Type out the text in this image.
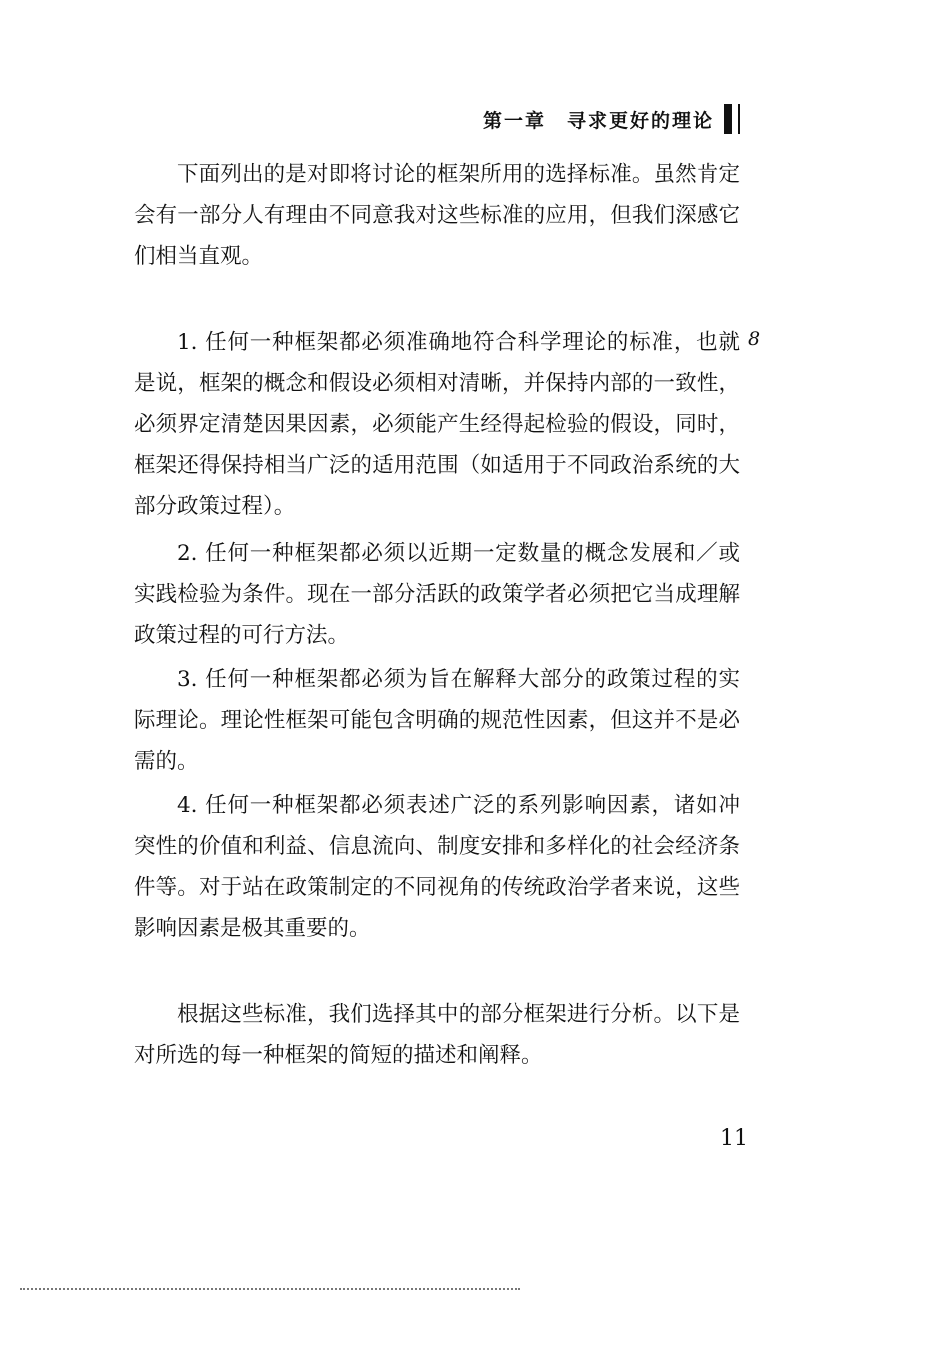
第一章　寻求更好的理论

下面列出的是对即将讨论的框架所用的选择标准。虽然肯定会有一部分人有理由不同意我对这些标准的应用，但我们深感它们相当直观。

1. 任何一种框架都必须准确地符合科学理论的标准，也就是说，框架的概念和假设必须相对清晰，并保持内部的一致性，必须界定清楚因果因素，必须能产生经得起检验的假设，同时，框架还得保持相当广泛的适用范围（如适用于不同政治系统的大部分政策过程）。

8

2. 任何一种框架都必须以近期一定数量的概念发展和／或实践检验为条件。现在一部分活跃的政策学者必须把它当成理解政策过程的可行方法。

3. 任何一种框架都必须为旨在解释大部分的政策过程的实际理论。理论性框架可能包含明确的规范性因素，但这并不是必需的。

4. 任何一种框架都必须表述广泛的系列影响因素，诸如冲突性的价值和利益、信息流向、制度安排和多样化的社会经济条件等。对于站在政策制定的不同视角的传统政治学者来说，这些影响因素是极其重要的。

根据这些标准，我们选择其中的部分框架进行分析。以下是对所选的每一种框架的简短的描述和阐释。

11
